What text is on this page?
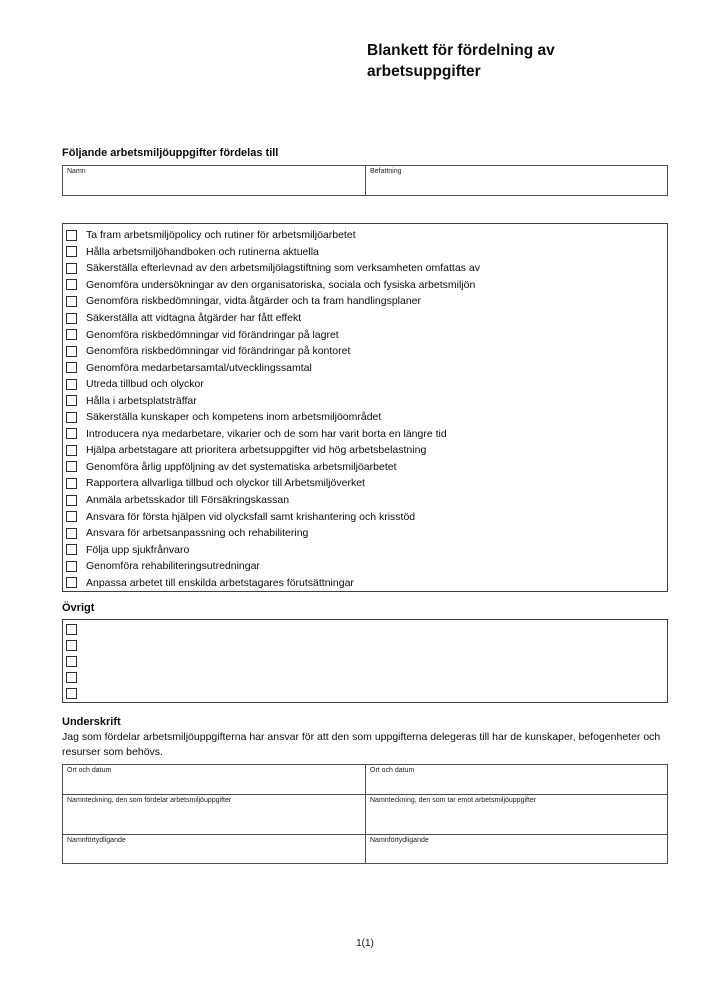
Blankett för fördelning av arbetsuppgifter
Följande arbetsmiljöuppgifter fördelas till
Namn	Befattning
Ta fram arbetsmiljöpolicy och rutiner för arbetsmiljöarbetet
Hålla arbetsmiljöhandboken och rutinerna aktuella
Säkerställa efterlevnad av den arbetsmiljölagstiftning som verksamheten omfattas av
Genomföra undersökningar av den organisatoriska, sociala och fysiska arbetsmiljön
Genomföra riskbedömningar, vidta åtgärder och ta fram handlingsplaner
Säkerställa att vidtagna åtgärder har fått effekt
Genomföra riskbedömningar vid förändringar på lagret
Genomföra riskbedömningar vid förändringar på kontoret
Genomföra medarbetarsamtal/utvecklingssamtal
Utreda tillbud och olyckor
Hålla i arbetsplatsträffar
Säkerställa kunskaper och kompetens inom arbetsmiljöområdet
Introducera nya medarbetare, vikarier och de som har varit borta en längre tid
Hjälpa arbetstagare att prioritera arbetsuppgifter vid hög arbetsbelastning
Genomföra årlig uppföljning av det systematiska arbetsmiljöarbetet
Rapportera allvarliga tillbud och olyckor till Arbetsmiljöverket
Anmäla arbetsskador till Försäkringskassan
Ansvara för första hjälpen vid olycksfall samt krishantering och krisstöd
Ansvara för arbetsanpassning och rehabilitering
Följa upp sjukfrånvaro
Genomföra rehabiliteringsutredningar
Anpassa arbetet till enskilda arbetstagares förutsättningar
Övrigt
Underskrift

Jag som fördelar arbetsmiljöuppgifterna har ansvar för att den som uppgifterna delegeras till har de kunskaper, befogenheter och resurser som behövs.

Ort och datum	Ort och datum
Namnteckning, den som fördelar arbetsmiljöuppgifter	Namnteckning, den som tar emot arbetsmiljöuppgifter
Namnförtydligande	Namnförtydligande
1(1)
